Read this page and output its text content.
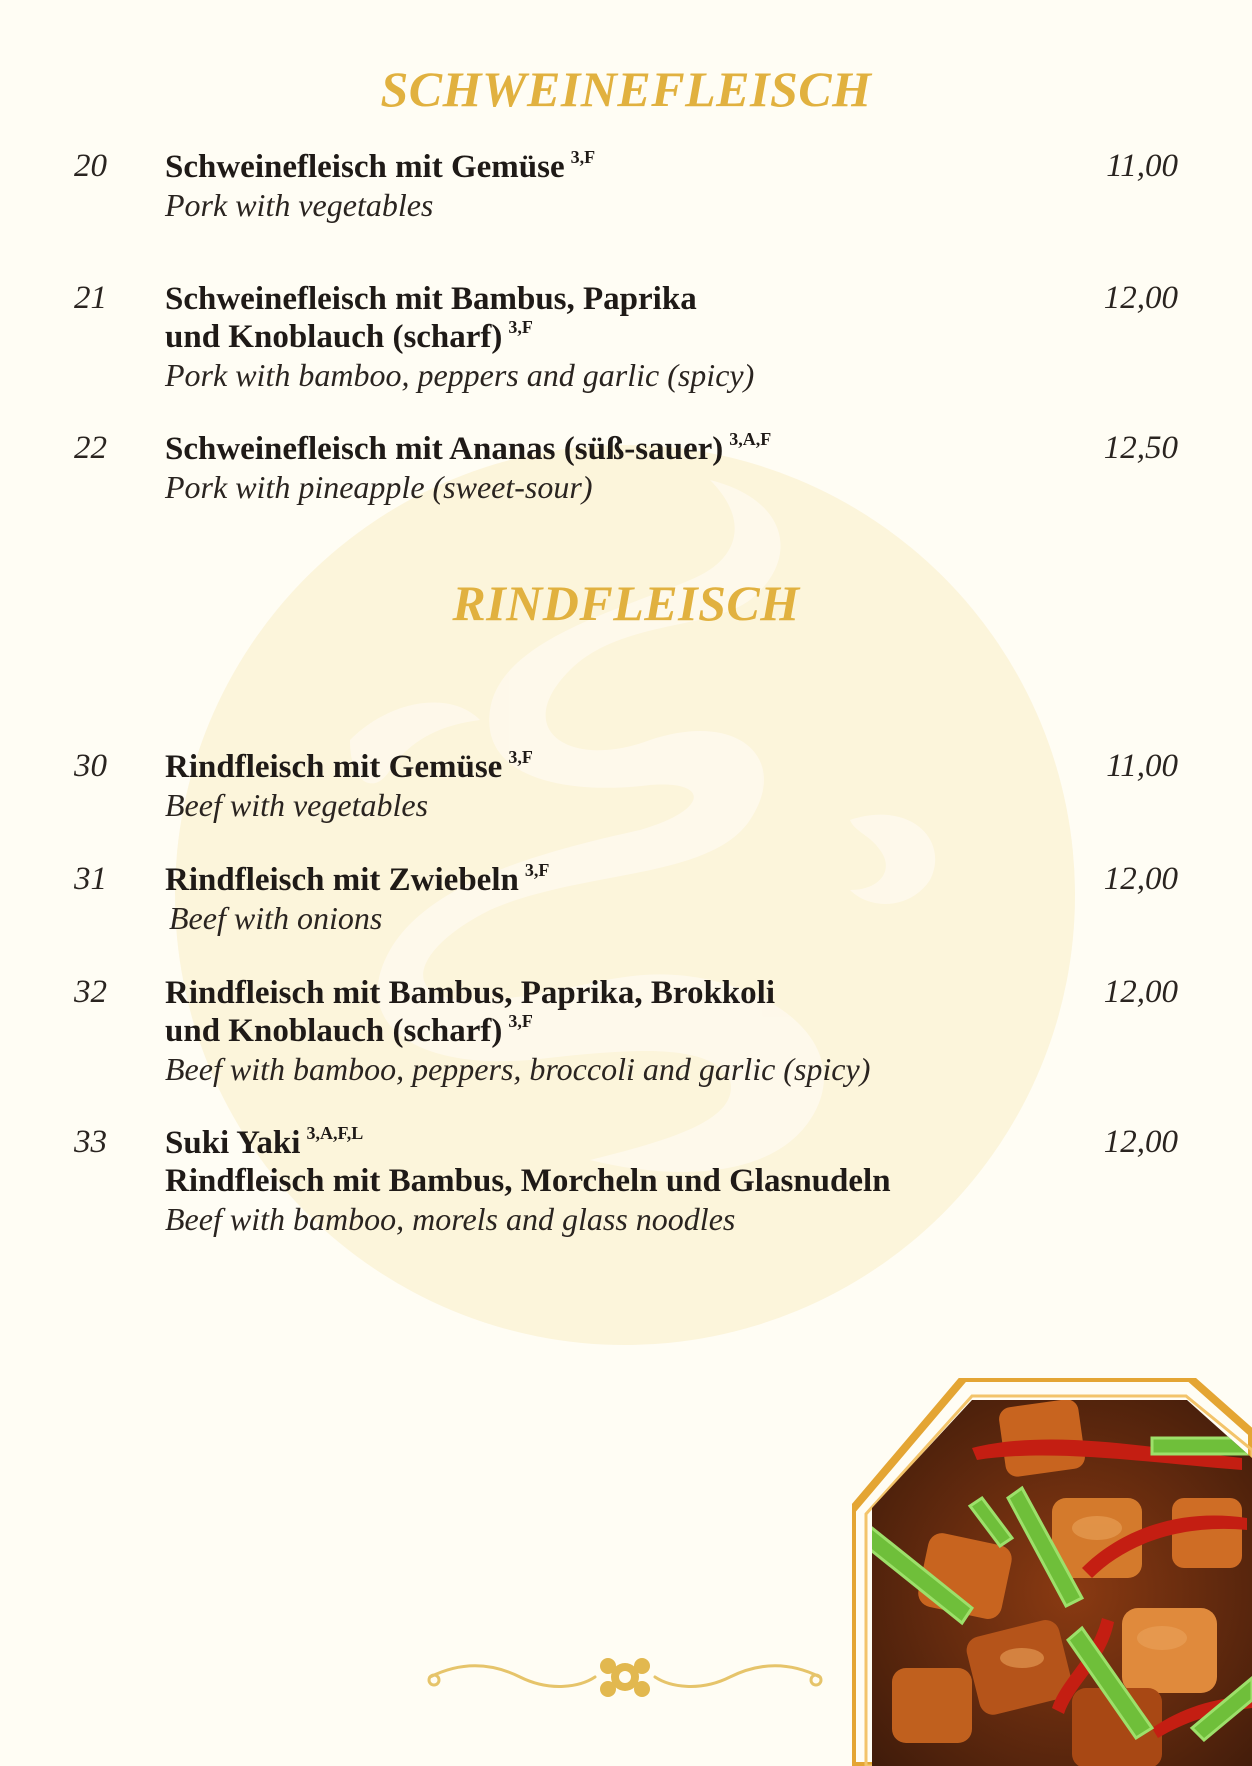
SCHWEINEFLEISCH
RINDFLEISCH
20 Schweinefleisch mit Gemüse $^{3,F}$
Pork with vegetables
11,00
21 Schweinefleisch mit Bambus, Paprika
und Knoblauch (scharf) $^{3,F}$
Pork with bamboo, peppers and garlic (spicy)
12,00
22 Schweinefleisch mit Ananas (süß-sauer) $^{3,A,F}$
Pork with pineapple (sweet-sour)
12,50
30 Rindfleisch mit Gemüse $^{3,F}$
Beef with vegetables
11,00
31 Rindfleisch mit Zwiebeln $^{3,F}$
Beef with onions
12,00
32 Rindfleisch mit Bambus, Paprika, Brokkoli
und Knoblauch (scharf) $^{3,F}$
Beef with bamboo, peppers, broccoli and garlic (spicy)
12,00
33 Suki Yaki $^{3,A,F,L}$
Rindfleisch mit Bambus, Morcheln und Glasnudeln
Beef with bamboo, morels and glass noodles
12,00
